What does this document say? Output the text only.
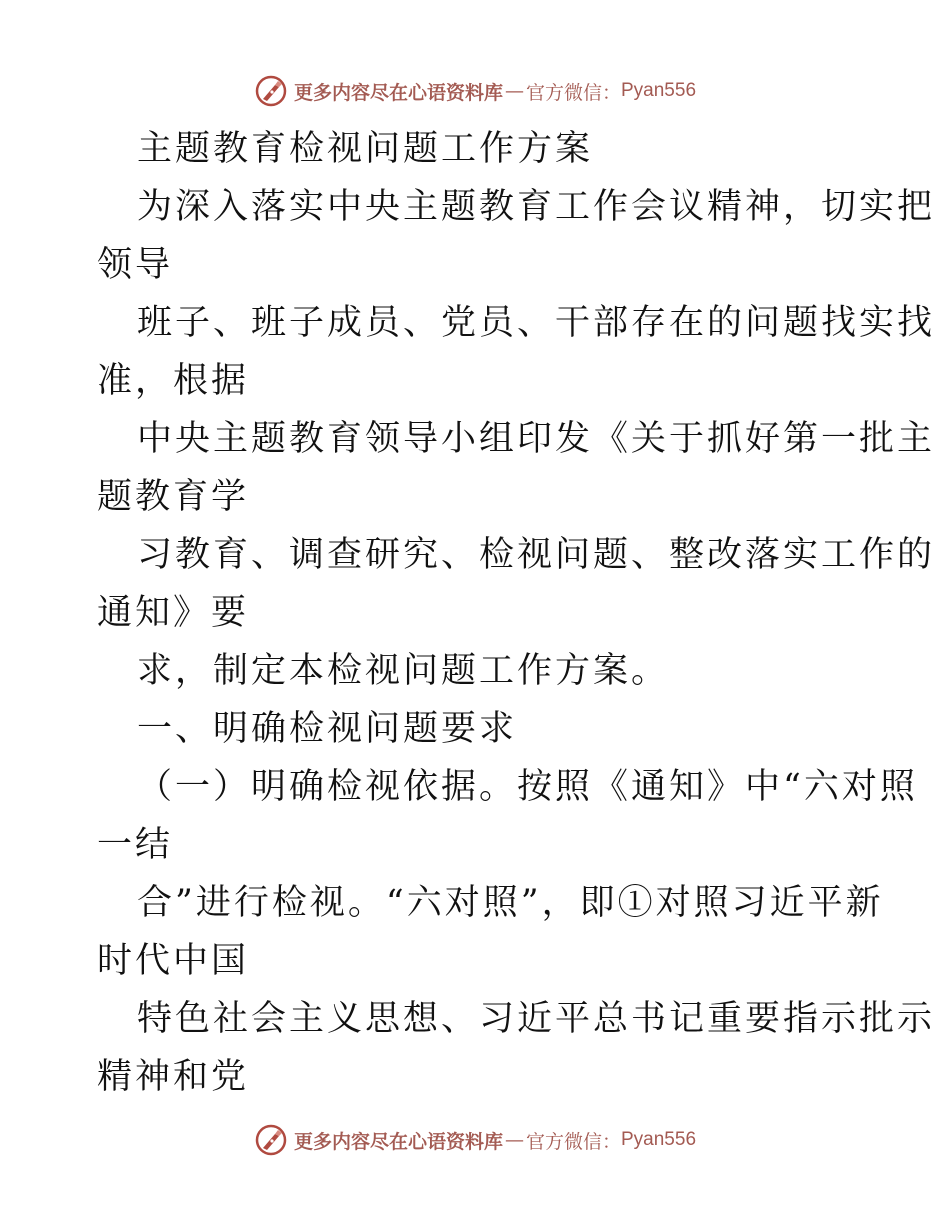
更多内容尽在心语资料库 — 官方微信： Pyan556
主题教育检视问题工作方案
为深入落实中央主题教育工作会议精神，切实把
领导
班子、班子成员、党员、干部存在的问题找实找
准，根据
中央主题教育领导小组印发《关于抓好第一批主
题教育学
习教育、调查研究、检视问题、整改落实工作的
通知》要
求，制定本检视问题工作方案。
一、明确检视问题要求
（一）明确检视依据。按照《通知》中“六对照
一结
合”进行检视。“六对照”，即①对照习近平新
时代中国
特色社会主义思想、习近平总书记重要指示批示
精神和党
更多内容尽在心语资料库 — 官方微信： Pyan556
